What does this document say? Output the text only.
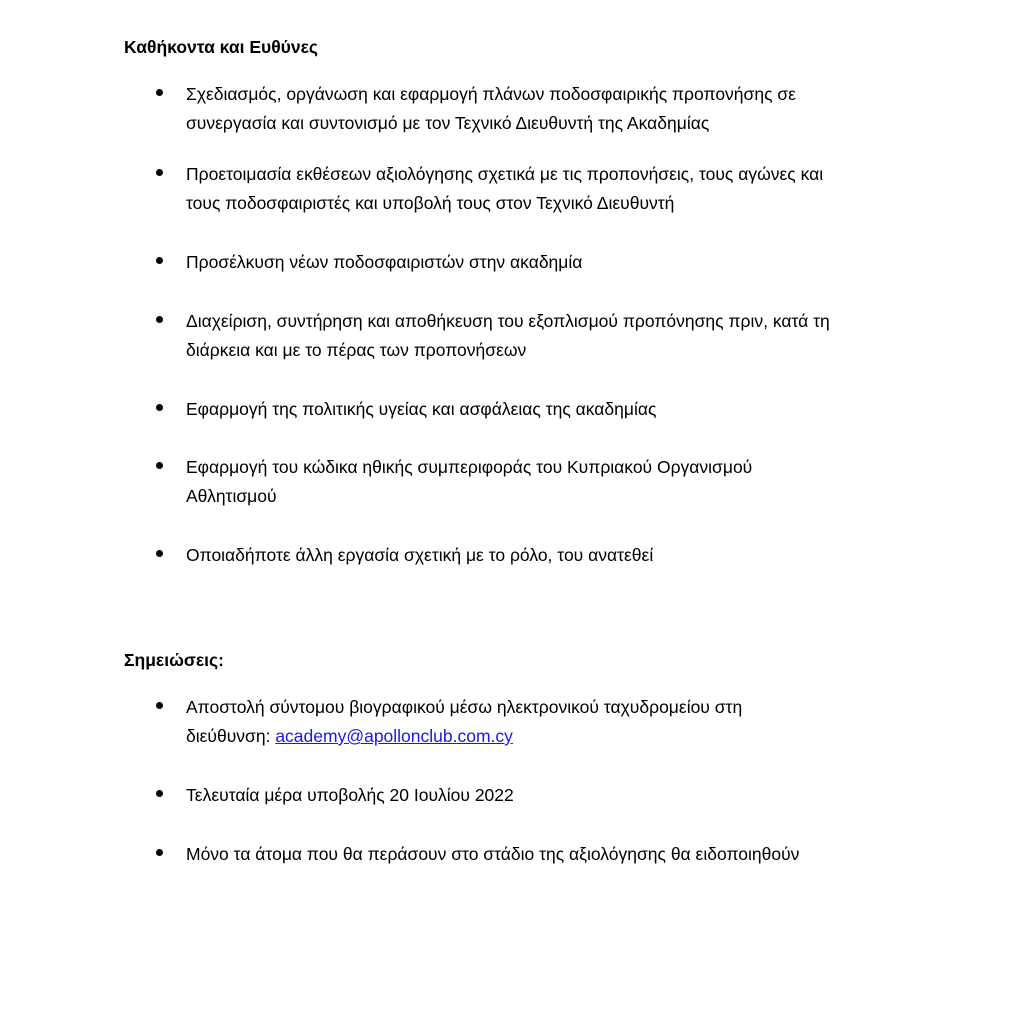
Καθήκοντα και Ευθύνες
Σχεδιασμός, οργάνωση και εφαρμογή πλάνων ποδοσφαιρικής προπονήσης σε
συνεργασία και συντονισμό με τον Τεχνικό Διευθυντή της Ακαδημίας
Προετοιμασία εκθέσεων αξιολόγησης σχετικά με τις προπονήσεις, τους αγώνες και
τους ποδοσφαιριστές και υποβολή τους στον Τεχνικό Διευθυντή
Προσέλκυση νέων ποδοσφαιριστών στην ακαδημία
Διαχείριση, συντήρηση και αποθήκευση του εξοπλισμού προπόνησης πριν, κατά τη
διάρκεια και με το πέρας των προπονήσεων
Εφαρμογή της πολιτικής υγείας και ασφάλειας της ακαδημίας
Εφαρμογή του κώδικα ηθικής συμπεριφοράς του Κυπριακού Οργανισμού
Αθλητισμού
Οποιαδήποτε άλλη εργασία σχετική με το ρόλο, του ανατεθεί
Σημειώσεις:
Αποστολή σύντομου βιογραφικού μέσω ηλεκτρονικού ταχυδρομείου στη
διεύθυνση: academy@apollonclub.com.cy
Τελευταία μέρα υποβολής 20 Ιουλίου 2022
Μόνο τα άτομα που θα περάσουν στο στάδιο της αξιολόγησης θα ειδοποιηθούν
